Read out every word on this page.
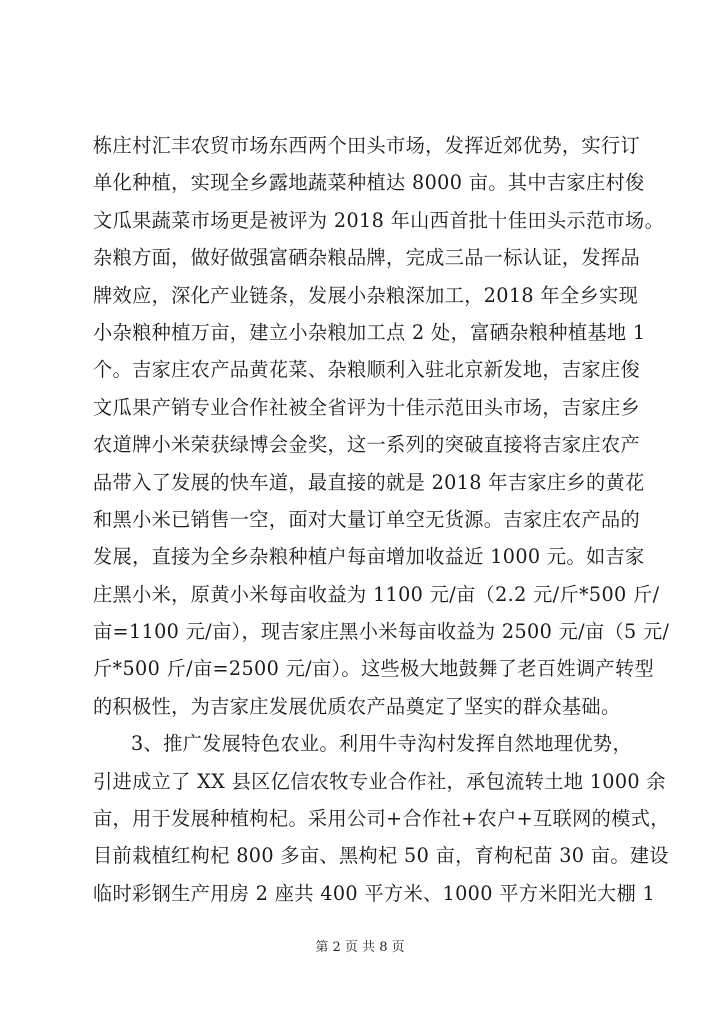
栋庄村汇丰农贸市场东西两个田头市场，发挥近郊优势，实行订
单化种植，实现全乡露地蔬菜种植达 8000 亩。其中吉家庄村俊
文瓜果蔬菜市场更是被评为 2018 年山西首批十佳田头示范市场。
杂粮方面，做好做强富硒杂粮品牌，完成三品一标认证，发挥品
牌效应，深化产业链条，发展小杂粮深加工，2018 年全乡实现
小杂粮种植万亩，建立小杂粮加工点 2 处，富硒杂粮种植基地 1
个。吉家庄农产品黄花菜、杂粮顺利入驻北京新发地，吉家庄俊
文瓜果产销专业合作社被全省评为十佳示范田头市场，吉家庄乡
农道牌小米荣获绿博会金奖，这一系列的突破直接将吉家庄农产
品带入了发展的快车道，最直接的就是 2018 年吉家庄乡的黄花
和黑小米已销售一空，面对大量订单空无货源。吉家庄农产品的
发展，直接为全乡杂粮种植户每亩增加收益近 1000 元。如吉家
庄黑小米，原黄小米每亩收益为 1100 元/亩（2.2 元/斤*500 斤/
亩=1100 元/亩），现吉家庄黑小米每亩收益为 2500 元/亩（5 元/
斤*500 斤/亩=2500 元/亩）。这些极大地鼓舞了老百姓调产转型
的积极性，为吉家庄发展优质农产品奠定了坚实的群众基础。
3、推广发展特色农业。利用牛寺沟村发挥自然地理优势，
引进成立了 XX 县区亿信农牧专业合作社，承包流转土地 1000 余
亩，用于发展种植枸杞。采用公司+合作社+农户+互联网的模式，
目前栽植红枸杞 800 多亩、黑枸杞 50 亩，育枸杞苗 30 亩。建设
临时彩钢生产用房 2 座共 400 平方米、1000 平方米阳光大棚 1
第 2 页 共 8 页
